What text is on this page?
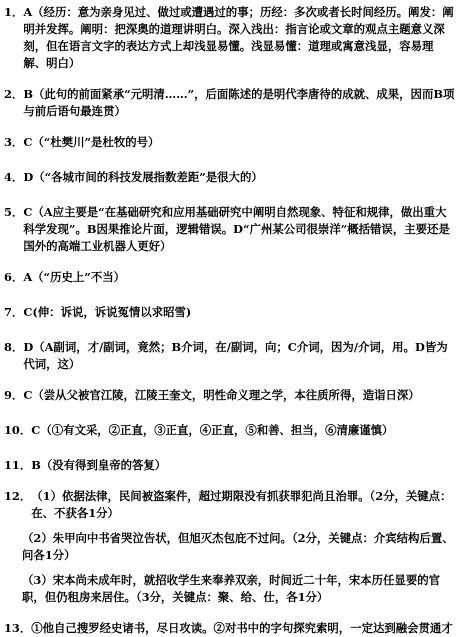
1． A（经历：意为亲身见过、做过或遭遇过的事；历经：多次或者长时间经历。阐发：阐明并发挥。阐明：把深奥的道理讲明白。深入浅出：指言论或文章的观点主题意义深刻，但在语言文字的表达方式上却浅显易懂。浅显易懂：道理或寓意浅显，容易理解、明白）
2． B（此句的前面紧承“元明清……”，后面陈述的是明代李唐待的成就、成果，因而B项与前后语句最连贯）
3． C（“杜樊川”是杜牧的号）
4． D（“各城市间的科技发展指数差距”是很大的）
5． C（A应主要是“在基础研究和应用基础研究中阐明自然现象、特征和规律，做出重大科学发现”。B因果推论片面，逻辑错误。D“广州某公司很崇洋”概括错误，主要还是国外的高端工业机器人更好）
6． A（“历史上”不当）
7． C(伸：诉说，诉说冤情以求昭雪)
8． D（A副词，才/副词，竟然；B介词，在/副词，向；C介词，因为/介词，用。D皆为代词，这）
9． C（尝从父被官江陵，江陵王奎文，明性命义理之学，本往质所得，造诣日深）
10． C（①有文采，②正直，③正直，④正直，⑤和善、担当，⑥清廉谨慎）
11． B（没有得到皇帝的答复）
12． （1）依据法律，民间被盗案件，超过期限没有抓获罪犯尚且治罪。（2分，关键点：在、不获各1分）
（2）朱甲向中书省哭泣告状，但旭灭杰包庇不过问。（2分，关键点：介宾结构后置、问各1分）
（3）宋本尚未成年时，就招收学生来奉养双亲，时间近二十年，宋本历任显要的官职，但仍租房来居住。（3分，关键点：聚、给、仕，各1分）
13． ①他自己搜罗经史诸书，尽日攻读。②对书中的字句探究索明，一定达到融会贯通才
